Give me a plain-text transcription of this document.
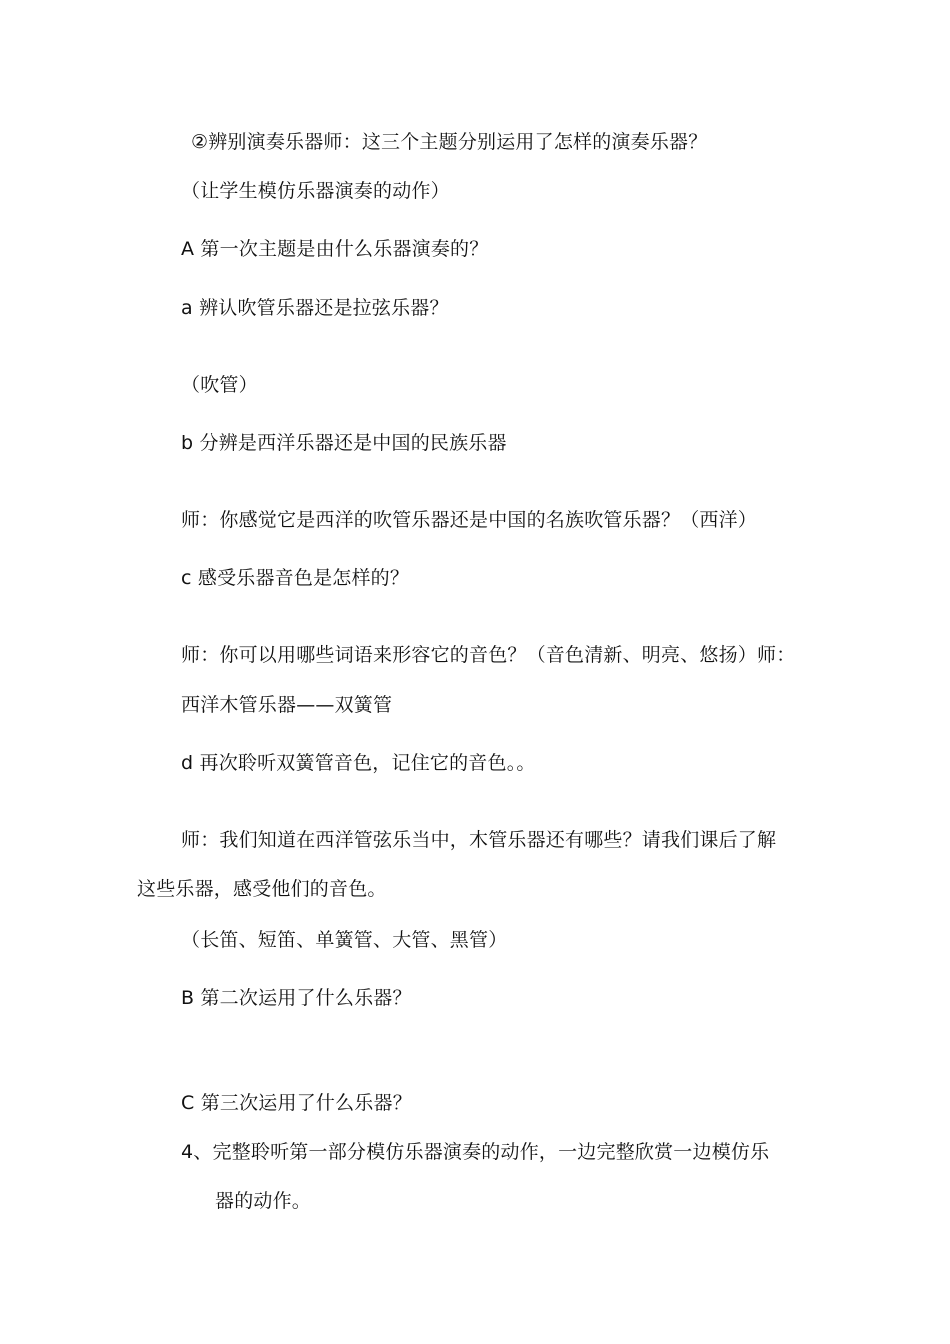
②辨别演奏乐器师：这三个主题分别运用了怎样的演奏乐器？
（让学生模仿乐器演奏的动作）
A 第一次主题是由什么乐器演奏的？
a 辨认吹管乐器还是拉弦乐器？
（吹管）
b 分辨是西洋乐器还是中国的民族乐器
师：你感觉它是西洋的吹管乐器还是中国的名族吹管乐器？（西洋）
c 感受乐器音色是怎样的？
师：你可以用哪些词语来形容它的音色？（音色清新、明亮、悠扬）师：
西洋木管乐器——双簧管
d 再次聆听双簧管音色，记住它的音色。。
师：我们知道在西洋管弦乐当中，木管乐器还有哪些？请我们课后了解
这些乐器，感受他们的音色。
（长笛、短笛、单簧管、大管、黑管）
B 第二次运用了什么乐器？
C 第三次运用了什么乐器？
4、完整聆听第一部分模仿乐器演奏的动作，一边完整欣赏一边模仿乐
器的动作。
